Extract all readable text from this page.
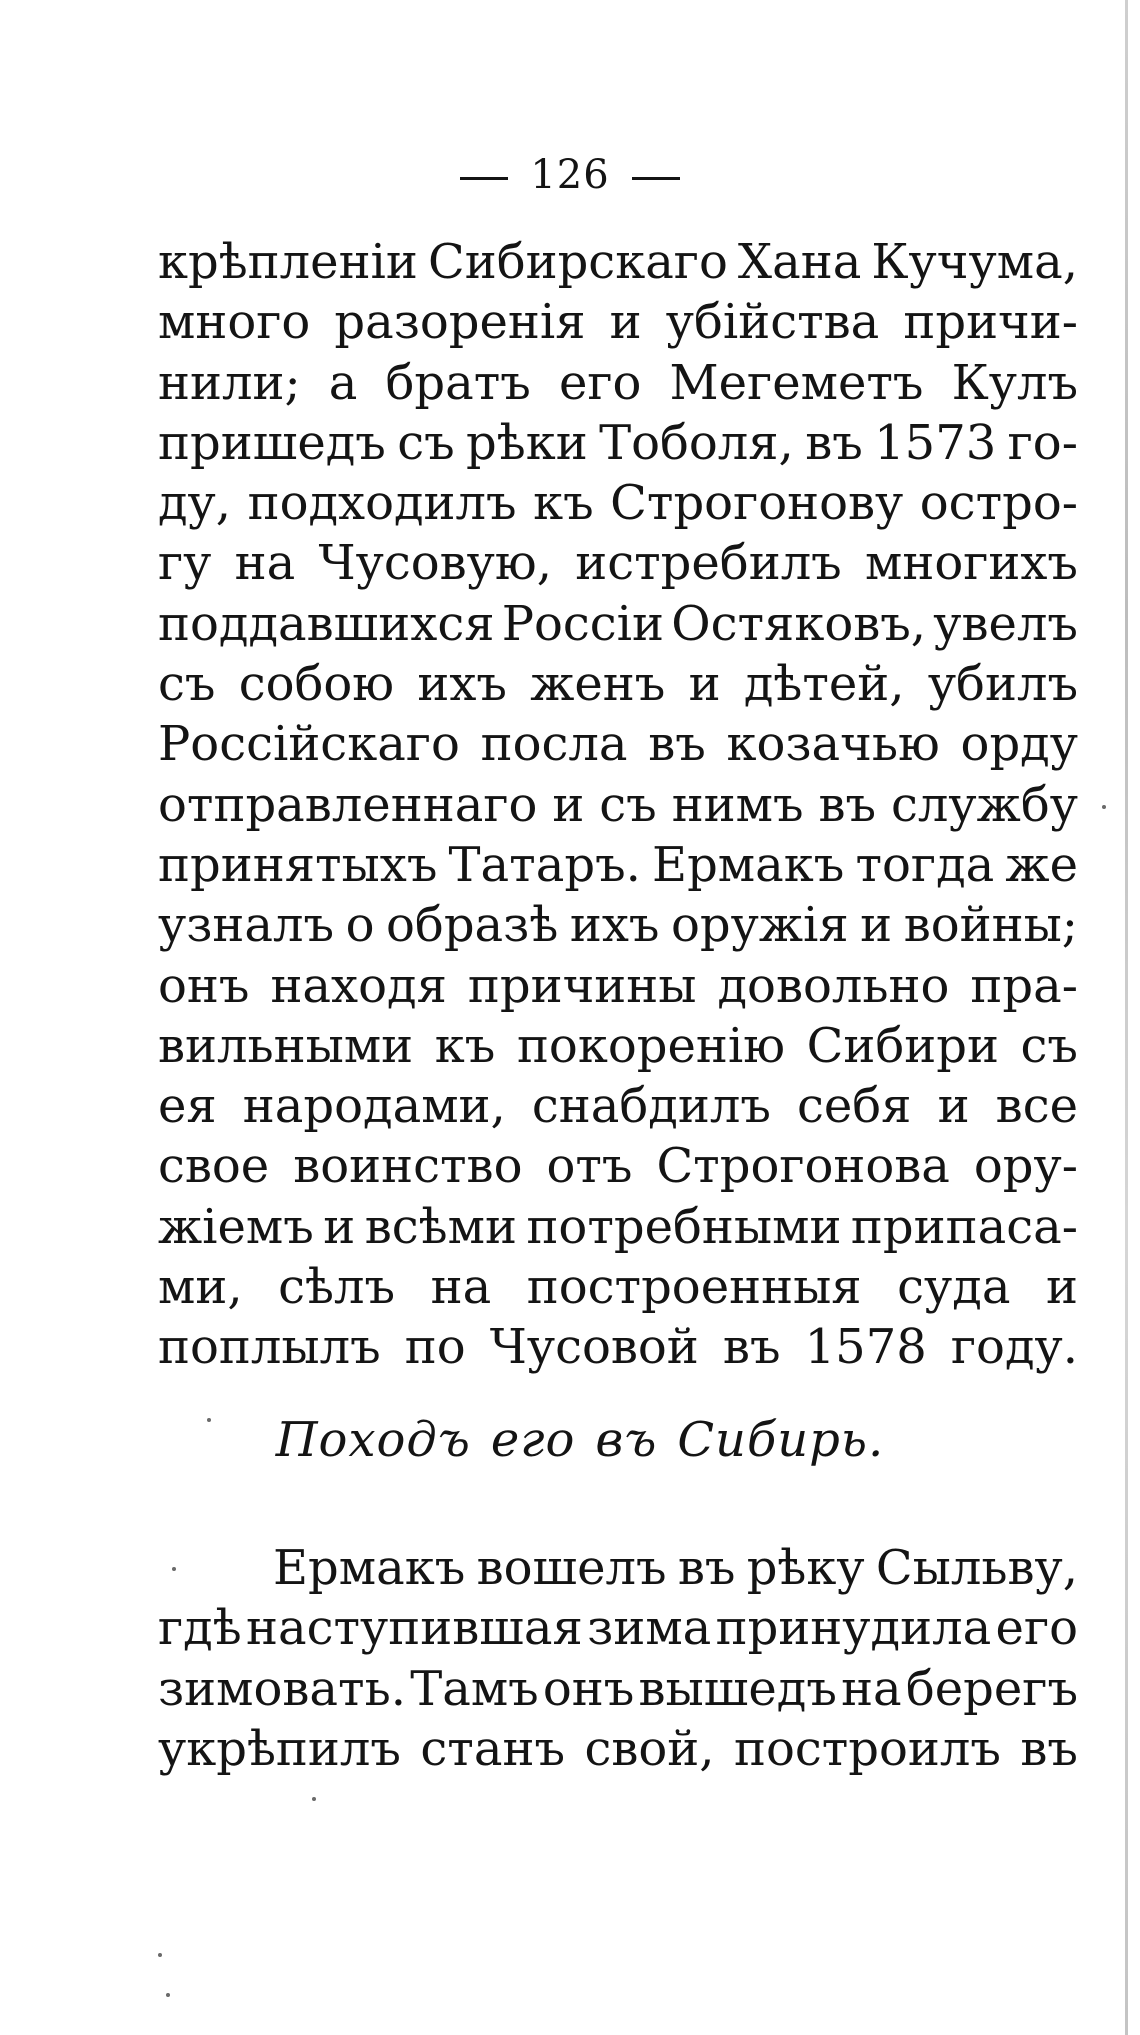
126
крѣпленіи Сибирскаго Хана Кучума,
много разоренія и убійства причи-
нили; а братъ его Мегеметъ Кулъ
пришедъ съ рѣки Тоболя, въ 1573 го-
ду, подходилъ къ Строгонову остро-
гу на Чусовую, истребилъ многихъ
поддавшихся Россіи Остяковъ, увелъ
съ собою ихъ женъ и дѣтей, убилъ
Россійскаго посла въ козачью орду
отправленнаго и съ нимъ въ службу
принятыхъ Татаръ. Ермакъ тогда же
узналъ о образѣ ихъ оружія и войны;
онъ находя причины довольно пра-
вильными къ покоренію Сибири съ
ея народами, снабдилъ себя и все
свое воинство отъ Строгонова ору-
жіемъ и всѣми потребными припаса-
ми, сѣлъ на построенныя суда и
поплылъ по Чусовой въ 1578 году.
Походъ его въ Сибирь.
Ермакъ вошелъ въ рѣку Сыльву,
гдѣ наступившая зима принудила его
зимовать. Тамъ онъ вышедъ на берегъ
укрѣпилъ станъ свой, построилъ въ
